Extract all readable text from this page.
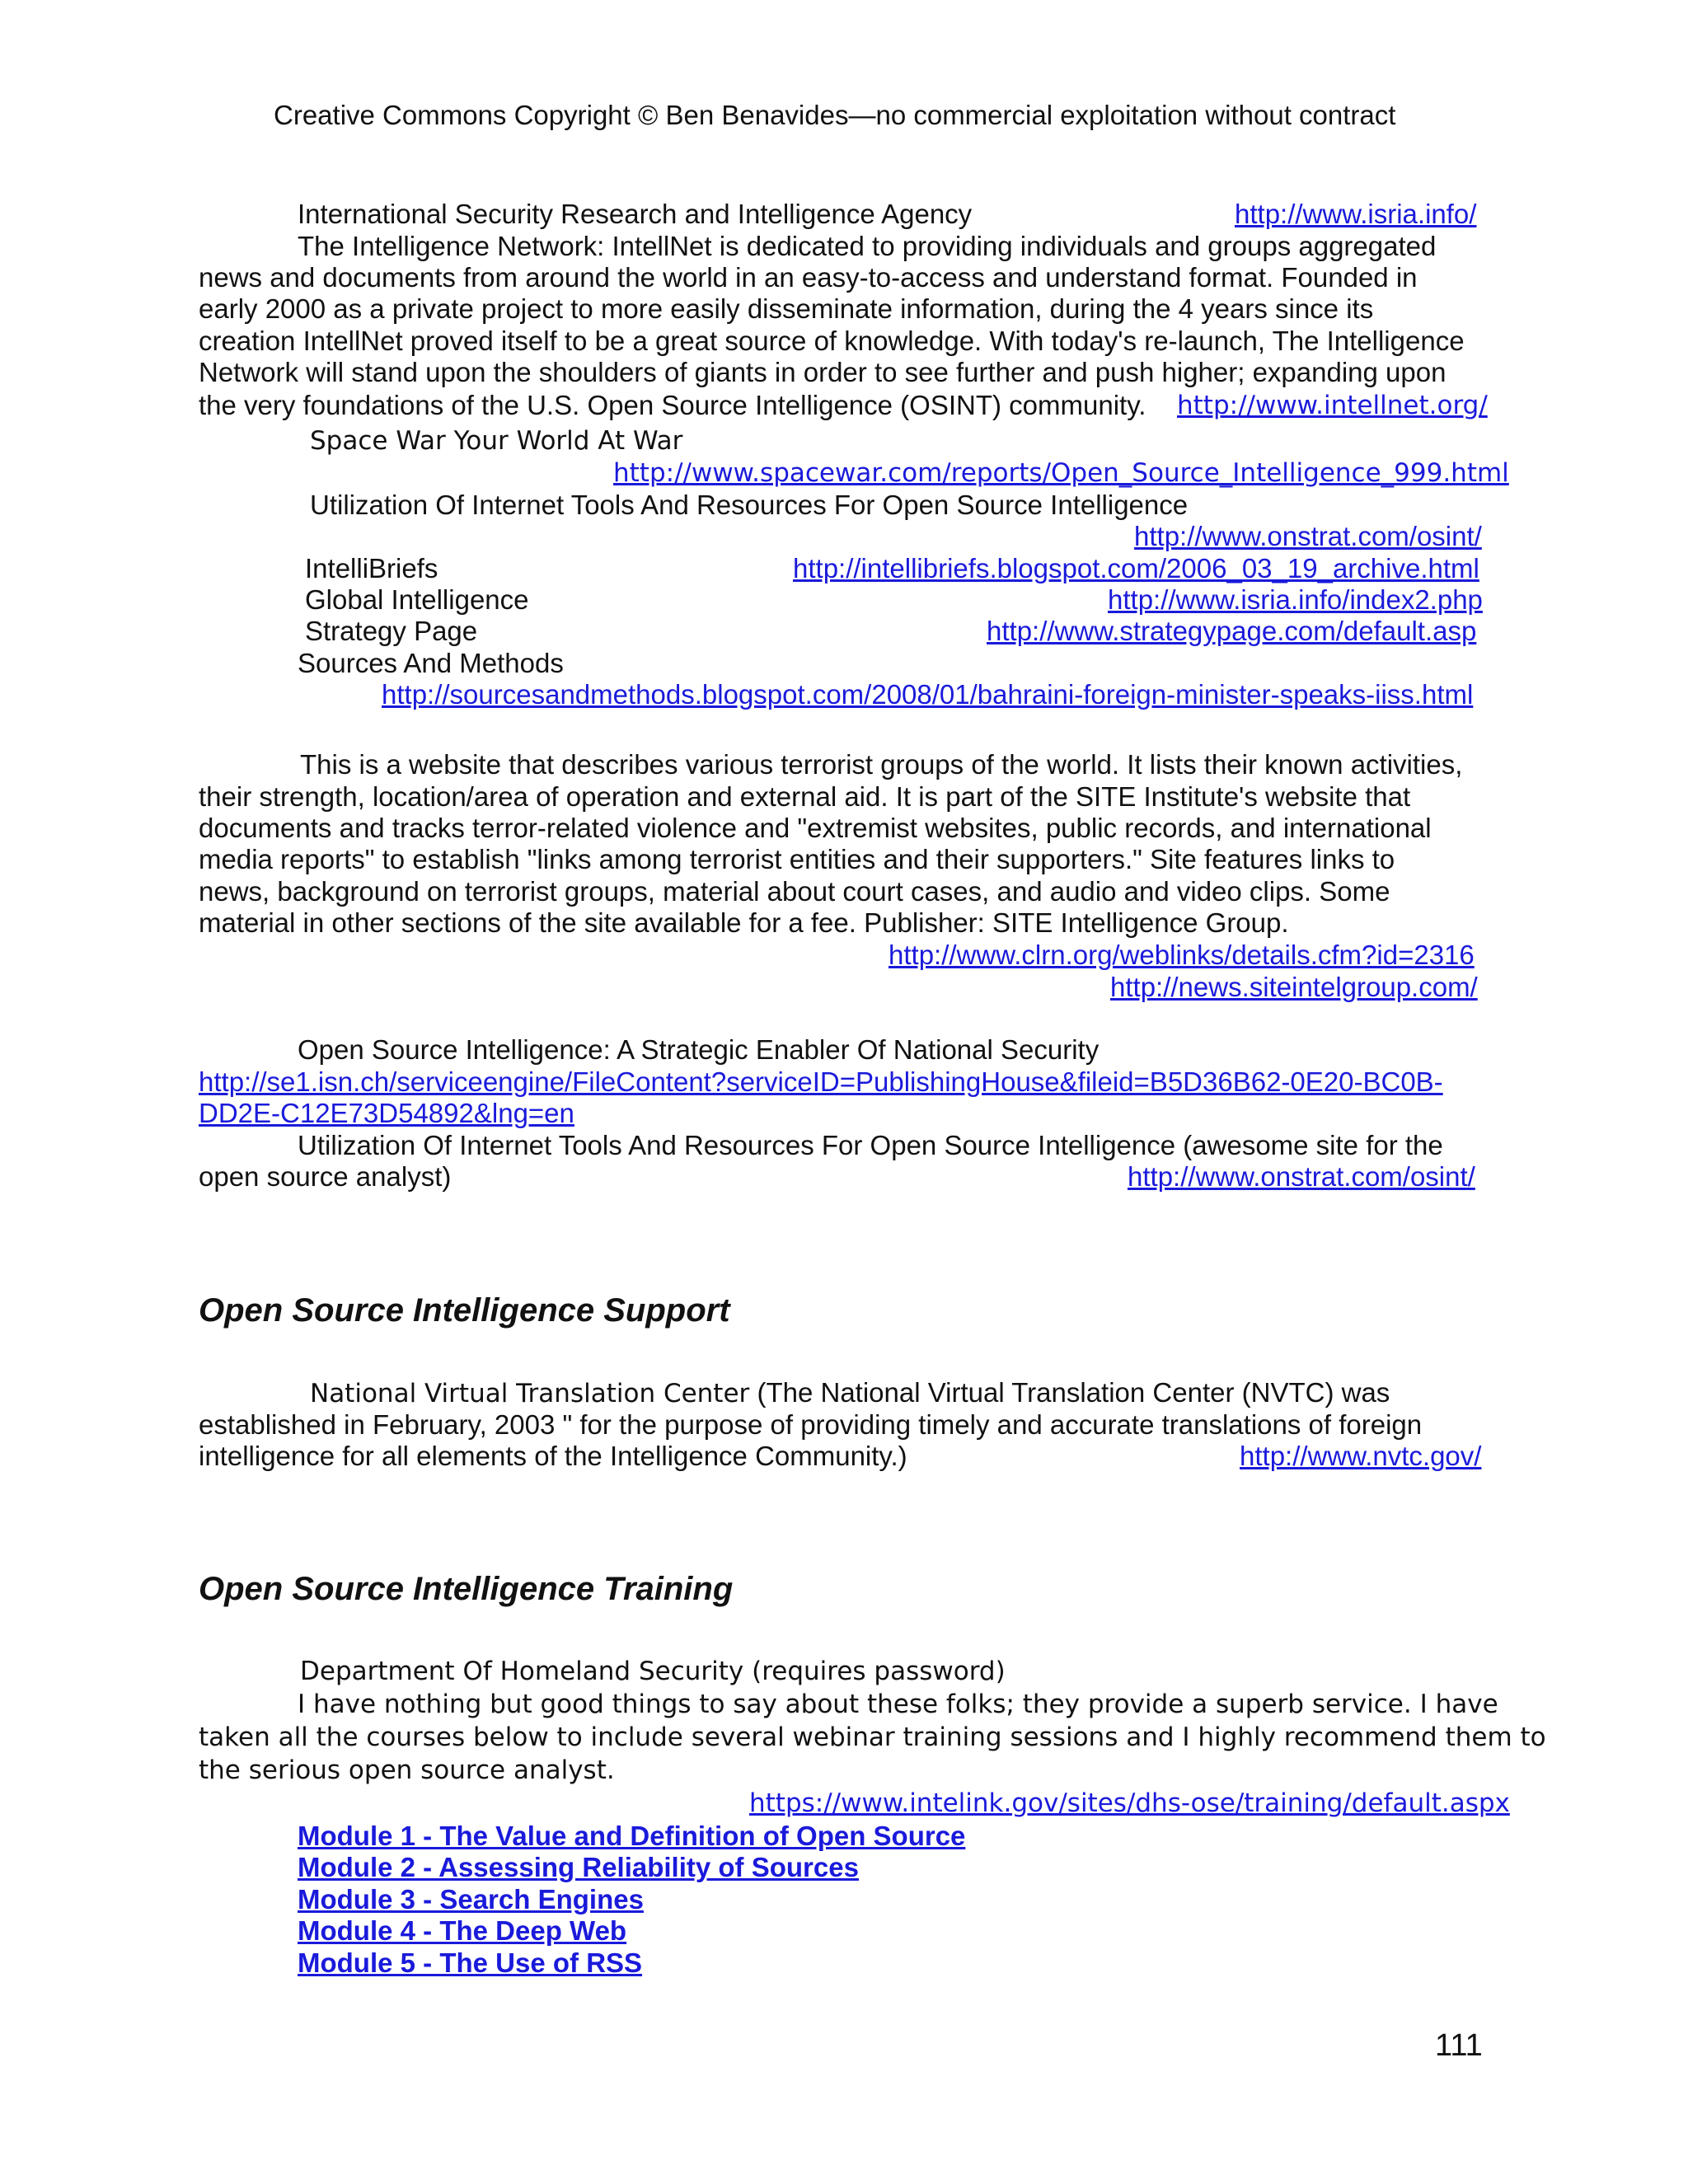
Creative Commons Copyright © Ben Benavides—no commercial exploitation without contract
International Security Research and Intelligence Agency	http://www.isria.info/
The Intelligence Network: IntellNet is dedicated to providing individuals and groups aggregated
news and documents from around the world in an easy-to-access and understand format. Founded in
early 2000 as a private project to more easily disseminate information, during the 4 years since its
creation IntellNet proved itself to be a great source of knowledge. With today's re-launch, The Intelligence
Network will stand upon the shoulders of giants in order to see further and push higher; expanding upon
the very foundations of the U.S. Open Source Intelligence (OSINT) community. http://www.intellnet.org/
Space War Your World At War
http://www.spacewar.com/reports/Open_Source_Intelligence_999.html
Utilization Of Internet Tools And Resources For Open Source Intelligence
http://www.onstrat.com/osint/
IntelliBriefs	http://intellibriefs.blogspot.com/2006_03_19_archive.html
Global Intelligence	http://www.isria.info/index2.php
Strategy Page	http://www.strategypage.com/default.asp
Sources And Methods
http://sourcesandmethods.blogspot.com/2008/01/bahraini-foreign-minister-speaks-iiss.html
This is a website that describes various terrorist groups of the world. It lists their known activities,
their strength, location/area of operation and external aid. It is part of the SITE Institute's website that
documents and tracks terror-related violence and "extremist websites, public records, and international
media reports" to establish "links among terrorist entities and their supporters." Site features links to
news, background on terrorist groups, material about court cases, and audio and video clips. Some
material in other sections of the site available for a fee. Publisher: SITE Intelligence Group.
http://www.clrn.org/weblinks/details.cfm?id=2316
http://news.siteintelgroup.com/
Open Source Intelligence: A Strategic Enabler Of National Security
http://se1.isn.ch/serviceengine/FileContent?serviceID=PublishingHouse&fileid=B5D36B62-0E20-BC0B-
DD2E-C12E73D54892&lng=en
Utilization Of Internet Tools And Resources For Open Source Intelligence (awesome site for the
open source analyst)	http://www.onstrat.com/osint/
Open Source Intelligence Support
National Virtual Translation Center (The National Virtual Translation Center (NVTC) was
established in February, 2003 " for the purpose of providing timely and accurate translations of foreign
intelligence for all elements of the Intelligence Community.)	http://www.nvtc.gov/
Open Source Intelligence Training
Department Of Homeland Security (requires password)
I have nothing but good things to say about these folks; they provide a superb service. I have
taken all the courses below to include several webinar training sessions and I highly recommend them to
the serious open source analyst.
https://www.intelink.gov/sites/dhs-ose/training/default.aspx
Module 1 - The Value and Definition of Open Source
Module 2 - Assessing Reliability of Sources
Module 3 - Search Engines
Module 4 - The Deep Web
Module 5 - The Use of RSS
111
